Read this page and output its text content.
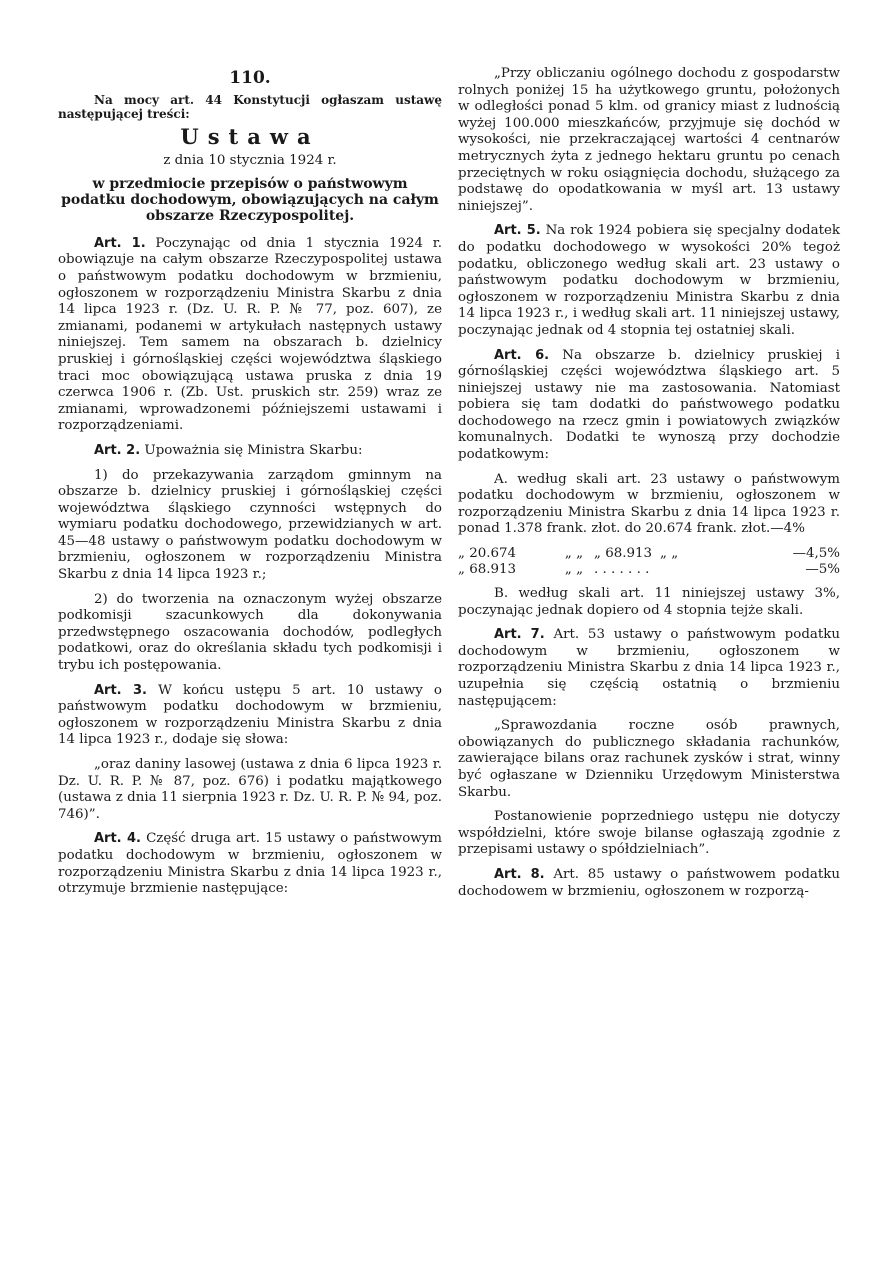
110.

Na mocy art. 44 Konstytucji ogłaszam ustawę następującej treści:

Ustawa

z dnia 10 stycznia 1924 r.

w przedmiocie przepisów o państwowym podatku dochodowym, obowiązujących na całym obszarze Rzeczypospolitej.

Art. 1. Poczynając od dnia 1 stycznia 1924 r. obowiązuje na całym obszarze Rzeczypospolitej ustawa o państwowym podatku dochodowym w brzmieniu, ogłoszonem w rozporządzeniu Ministra Skarbu z dnia 14 lipca 1923 r. (Dz. U. R. P. № 77, poz. 607), ze zmianami, podanemi w artykułach następnych ustawy niniejszej. Tem samem na obszarach b. dzielnicy pruskiej i górnośląskiej części województwa śląskiego traci moc obowiązującą ustawa pruska z dnia 19 czerwca 1906 r. (Zb. Ust. pruskich str. 259) wraz ze zmianami, wprowadzonemi późniejszemi ustawami i rozporządzeniami.

Art. 2. Upoważnia się Ministra Skarbu:

1) do przekazywania zarządom gminnym na obszarze b. dzielnicy pruskiej i górnośląskiej części województwa śląskiego czynności wstępnych do wymiaru podatku dochodowego, przewidzianych w art. 45—48 ustawy o państwowym podatku dochodowym w brzmieniu, ogłoszonem w rozporządzeniu Ministra Skarbu z dnia 14 lipca 1923 r.;

2) do tworzenia na oznaczonym wyżej obszarze podkomisji szacunkowych dla dokonywania przedwstępnego oszacowania dochodów, podległych podatkowi, oraz do określania składu tych podkomisji i trybu ich postępowania.

Art. 3. W końcu ustępu 5 art. 10 ustawy o państwowym podatku dochodowym w brzmieniu, ogłoszonem w rozporządzeniu Ministra Skarbu z dnia 14 lipca 1923 r., dodaje się słowa:

„oraz daniny lasowej (ustawa z dnia 6 lipca 1923 r. Dz. U. R. P. № 87, poz. 676) i podatku majątkowego (ustawa z dnia 11 sierpnia 1923 r. Dz. U. R. P. № 94, poz. 746)”.

Art. 4. Część druga art. 15 ustawy o państwowym podatku dochodowym w brzmieniu, ogłoszonem w rozporządzeniu Ministra Skarbu z dnia 14 lipca 1923 r., otrzymuje brzmienie następujące:

„Przy obliczaniu ogólnego dochodu z gospodarstw rolnych poniżej 15 ha użytkowego gruntu, położonych w odległości ponad 5 klm. od granicy miast z ludnością wyżej 100.000 mieszkańców, przyjmuje się dochód w wysokości, nie przekraczającej wartości 4 centnarów metrycznych żyta z jednego hektaru gruntu po cenach przeciętnych w roku osiągnięcia dochodu, służącego za podstawę do opodatkowania w myśl art. 13 ustawy niniejszej”.

Art. 5. Na rok 1924 pobiera się specjalny dodatek do podatku dochodowego w wysokości 20% tegoż podatku, obliczonego według skali art. 23 ustawy o państwowym podatku dochodowym w brzmieniu, ogłoszonem w rozporządzeniu Ministra Skarbu z dnia 14 lipca 1923 r., i według skali art. 11 niniejszej ustawy, poczynając jednak od 4 stopnia tej ostatniej skali.

Art. 6. Na obszarze b. dzielnicy pruskiej i górnośląskiej części województwa śląskiego art. 5 niniejszej ustawy nie ma zastosowania. Natomiast pobiera się tam dodatki do państwowego podatku dochodowego na rzecz gmin i powiatowych związków komunalnych. Dodatki te wynoszą przy dochodzie podatkowym:

A. według skali art. 23 ustawy o państwowym podatku dochodowym w brzmieniu, ogłoszonem w rozporządzeniu Ministra Skarbu z dnia 14 lipca 1923 r. ponad 1.378 frank. złot. do 20.674 frank. złot.—4%

„ 20.674	„ „ „ 68.913 „ „	—4,5%
„ 68.913	„ „ . . . . . . .	—5%

B. według skali art. 11 niniejszej ustawy 3%, poczynając jednak dopiero od 4 stopnia tejże skali.

Art. 7. Art. 53 ustawy o państwowym podatku dochodowym w brzmieniu, ogłoszonem w rozporządzeniu Ministra Skarbu z dnia 14 lipca 1923 r., uzupełnia się częścią ostatnią o brzmieniu następującem:

„Sprawozdania roczne osób prawnych, obowiązanych do publicznego składania rachunków, zawierające bilans oraz rachunek zysków i strat, winny być ogłaszane w Dzienniku Urzędowym Ministerstwa Skarbu.

Postanowienie poprzedniego ustępu nie dotyczy współdzielni, które swoje bilanse ogłaszają zgodnie z przepisami ustawy o spółdzielniach”.

Art. 8. Art. 85 ustawy o państwowem podatku dochodowem w brzmieniu, ogłoszonem w rozporzą-
